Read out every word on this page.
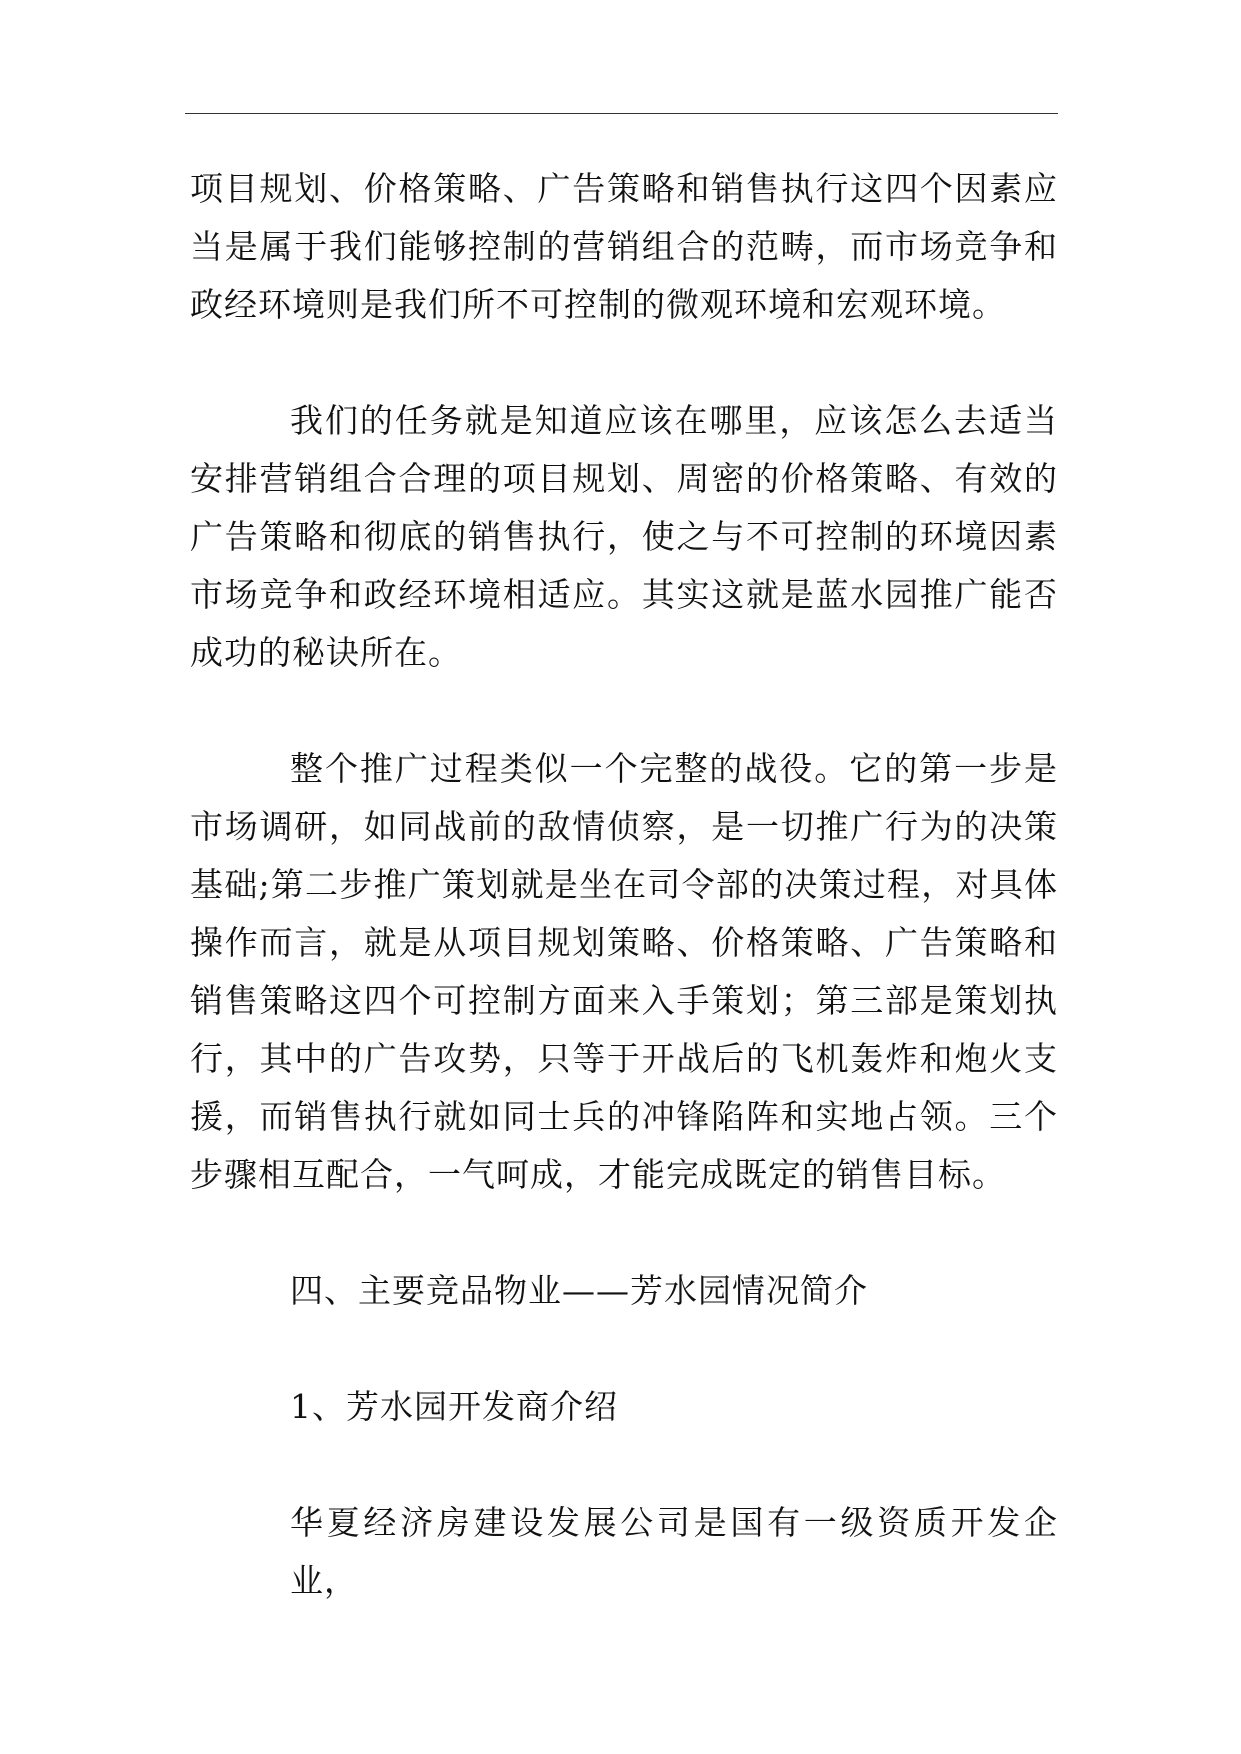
项目规划、价格策略、广告策略和销售执行这四个因素应当是属于我们能够控制的营销组合的范畴，而市场竞争和政经环境则是我们所不可控制的微观环境和宏观环境。

我们的任务就是知道应该在哪里，应该怎么去适当安排营销组合合理的项目规划、周密的价格策略、有效的广告策略和彻底的销售执行，使之与不可控制的环境因素市场竞争和政经环境相适应。其实这就是蓝水园推广能否成功的秘诀所在。

整个推广过程类似一个完整的战役。它的第一步是市场调研，如同战前的敌情侦察，是一切推广行为的决策基础;第二步推广策划就是坐在司令部的决策过程，对具体操作而言，就是从项目规划策略、价格策略、广告策略和销售策略这四个可控制方面来入手策划；第三部是策划执行，其中的广告攻势，只等于开战后的飞机轰炸和炮火支援，而销售执行就如同士兵的冲锋陷阵和实地占领。三个步骤相互配合，一气呵成，才能完成既定的销售目标。

四、主要竞品物业——芳水园情况简介

1、芳水园开发商介绍

华夏经济房建设发展公司是国有一级资质开发企业，
